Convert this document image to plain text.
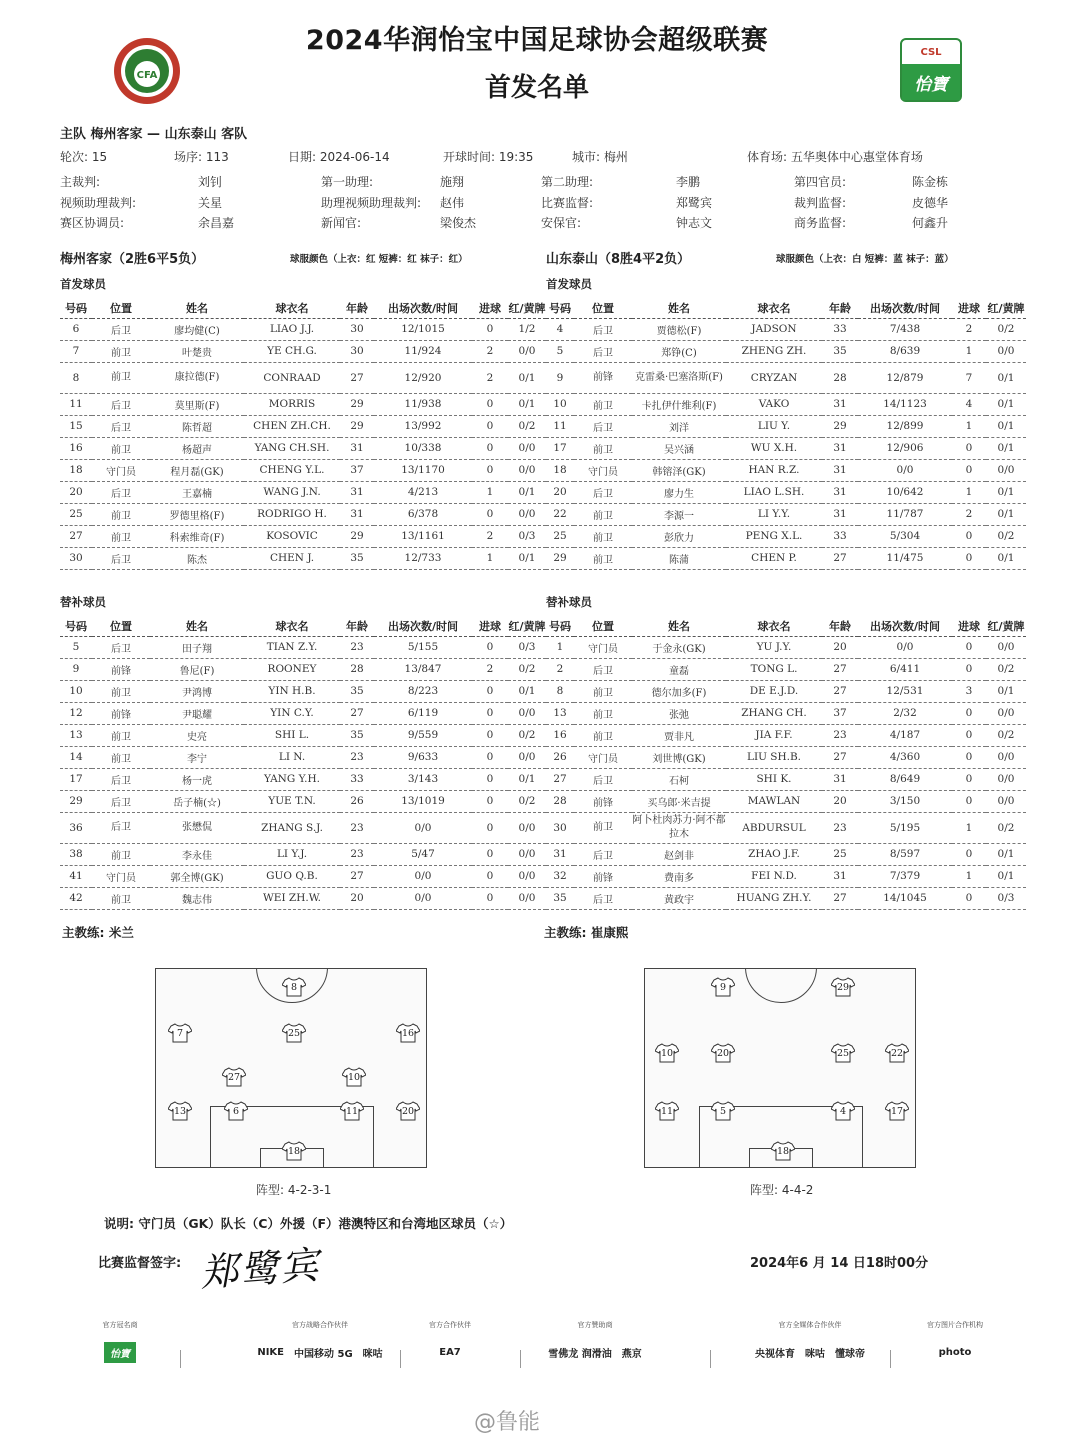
2024华润怡宝中国足球协会超级联赛
首发名单
CFA
CSL
怡寶
主队 梅州客家 — 山东泰山 客队
轮次: 15	场序: 113	日期: 2024-06-14	开球时间: 19:35	城市: 梅州	体育场: 五华奥体中心惠堂体育场
主裁判:	刘钊	第一助理:	施翔	第二助理:	李鹏	第四官员:	陈金栋
视频助理裁判:	关星	助理视频助理裁判: 赵伟	比赛监督:	郑鹭宾	裁判监督:	皮德华
赛区协调员:	余昌嘉	新闻官:	梁俊杰	安保官:	钟志文	商务监督:	何鑫升
梅州客家（2胜6平5负）	球服颜色（上衣：红 短裤：红 袜子：红）	山东泰山（8胜4平2负）	球服颜色（上衣：白 短裤：蓝 袜子：蓝）
首发球员	首发球员
号码	位置	姓名	球衣名	年龄	出场次数/时间	进球	红/黄牌
6	后卫	廖均健(C)	LIAO J.J.	30	12/1015	0	1/2
7	前卫	叶楚贵	YE CH.G.	30	11/924	2	0/0
8	前卫	康拉德(F)	CONRAAD	27	12/920	2	0/1
11	后卫	莫里斯(F)	MORRIS	29	11/938	0	0/1
15	后卫	陈哲超	CHEN ZH.CH.	29	13/992	0	0/2
16	前卫	杨超声	YANG CH.SH.	31	10/338	0	0/0
18	守门员	程月磊(GK)	CHENG Y.L.	37	13/1170	0	0/0
20	后卫	王嘉楠	WANG J.N.	31	4/213	1	0/1
25	前卫	罗德里格(F)	RODRIGO H.	31	6/378	0	0/0
27	前卫	科索维奇(F)	KOSOVIC	29	13/1161	2	0/3
30	后卫	陈杰	CHEN J.	35	12/733	1	0/1
号码	位置	姓名	球衣名	年龄	出场次数/时间	进球	红/黄牌
4	后卫	贾德松(F)	JADSON	33	7/438	2	0/2
5	后卫	郑铮(C)	ZHENG ZH.	35	8/639	1	0/0
9	前锋	克雷桑·巴塞洛斯(F)	CRYZAN	28	12/879	7	0/1
10	前卫	卡扎伊什维利(F)	VAKO	31	14/1123	4	0/1
11	后卫	刘洋	LIU Y.	29	12/899	1	0/1
17	前卫	吴兴涵	WU X.H.	31	12/906	0	0/1
18	守门员	韩镕泽(GK)	HAN R.Z.	31	0/0	0	0/0
20	后卫	廖力生	LIAO L.SH.	31	10/642	1	0/1
22	前卫	李源一	LI Y.Y.	31	11/787	2	0/1
25	前卫	彭欣力	PENG X.L.	33	5/304	0	0/2
29	前卫	陈蒲	CHEN P.	27	11/475	0	0/1
替补球员	替补球员
号码	位置	姓名	球衣名	年龄	出场次数/时间	进球	红/黄牌
5	后卫	田子翔	TIAN Z.Y.	23	5/155	0	0/3
9	前锋	鲁尼(F)	ROONEY	28	13/847	2	0/2
10	前卫	尹鸿博	YIN H.B.	35	8/223	0	0/1
12	前锋	尹聪耀	YIN C.Y.	27	6/119	0	0/0
13	前卫	史亮	SHI L.	35	9/559	0	0/2
14	前卫	李宁	LI N.	23	9/633	0	0/0
17	后卫	杨一虎	YANG Y.H.	33	3/143	0	0/1
29	后卫	岳子楠(☆)	YUE T.N.	26	13/1019	0	0/2
36	后卫	张懋侃	ZHANG S.J.	23	0/0	0	0/0
38	前卫	李永佳	LI Y.J.	23	5/47	0	0/0
41	守门员	郭全博(GK)	GUO Q.B.	27	0/0	0	0/0
42	前卫	魏志伟	WEI ZH.W.	20	0/0	0	0/0
号码	位置	姓名	球衣名	年龄	出场次数/时间	进球	红/黄牌
1	守门员	于金永(GK)	YU J.Y.	20	0/0	0	0/0
2	后卫	童磊	TONG L.	27	6/411	0	0/2
8	前卫	德尔加多(F)	DE E.J.D.	27	12/531	3	0/1
13	前卫	张弛	ZHANG CH.	37	2/32	0	0/0
16	前卫	贾非凡	JIA F.F.	23	4/187	0	0/2
26	守门员	刘世博(GK)	LIU SH.B.	27	4/360	0	0/0
27	后卫	石柯	SHI K.	31	8/649	0	0/0
28	前锋	买乌郎·米吉提	MAWLAN	20	3/150	0	0/0
30	前卫	阿卜杜肉苏力·阿不都拉木	ABDURSUL	23	5/195	1	0/2
31	后卫	赵剑非	ZHAO J.F.	25	8/597	0	0/1
32	前锋	费南多	FEI N.D.	31	7/379	1	0/1
35	后卫	黄政宇	HUANG ZH.Y.	27	14/1045	0	0/3
主教练: 米兰	主教练: 崔康熙
8
7	25	16
27	10
13	6	11	20
18
阵型: 4-2-3-1
9	29
10	20	25	22
11	5	4	17
18
阵型: 4-4-2
说明: 守门员（GK）队长（C）外援（F）港澳特区和台湾地区球员（☆）
比赛监督签字: 郑鹭宾	2024年6 月 14 日18时00分
官方冠名商
怡寶
官方战略合作伙伴
NIKE 中国移动 5G 咪咕
官方合作伙伴
EA7
官方赞助商
雪佛龙 润滑油 燕京
官方全媒体合作伙伴
央视体育 咪咕 懂球帝
官方图片合作机构
photo
@鲁能
